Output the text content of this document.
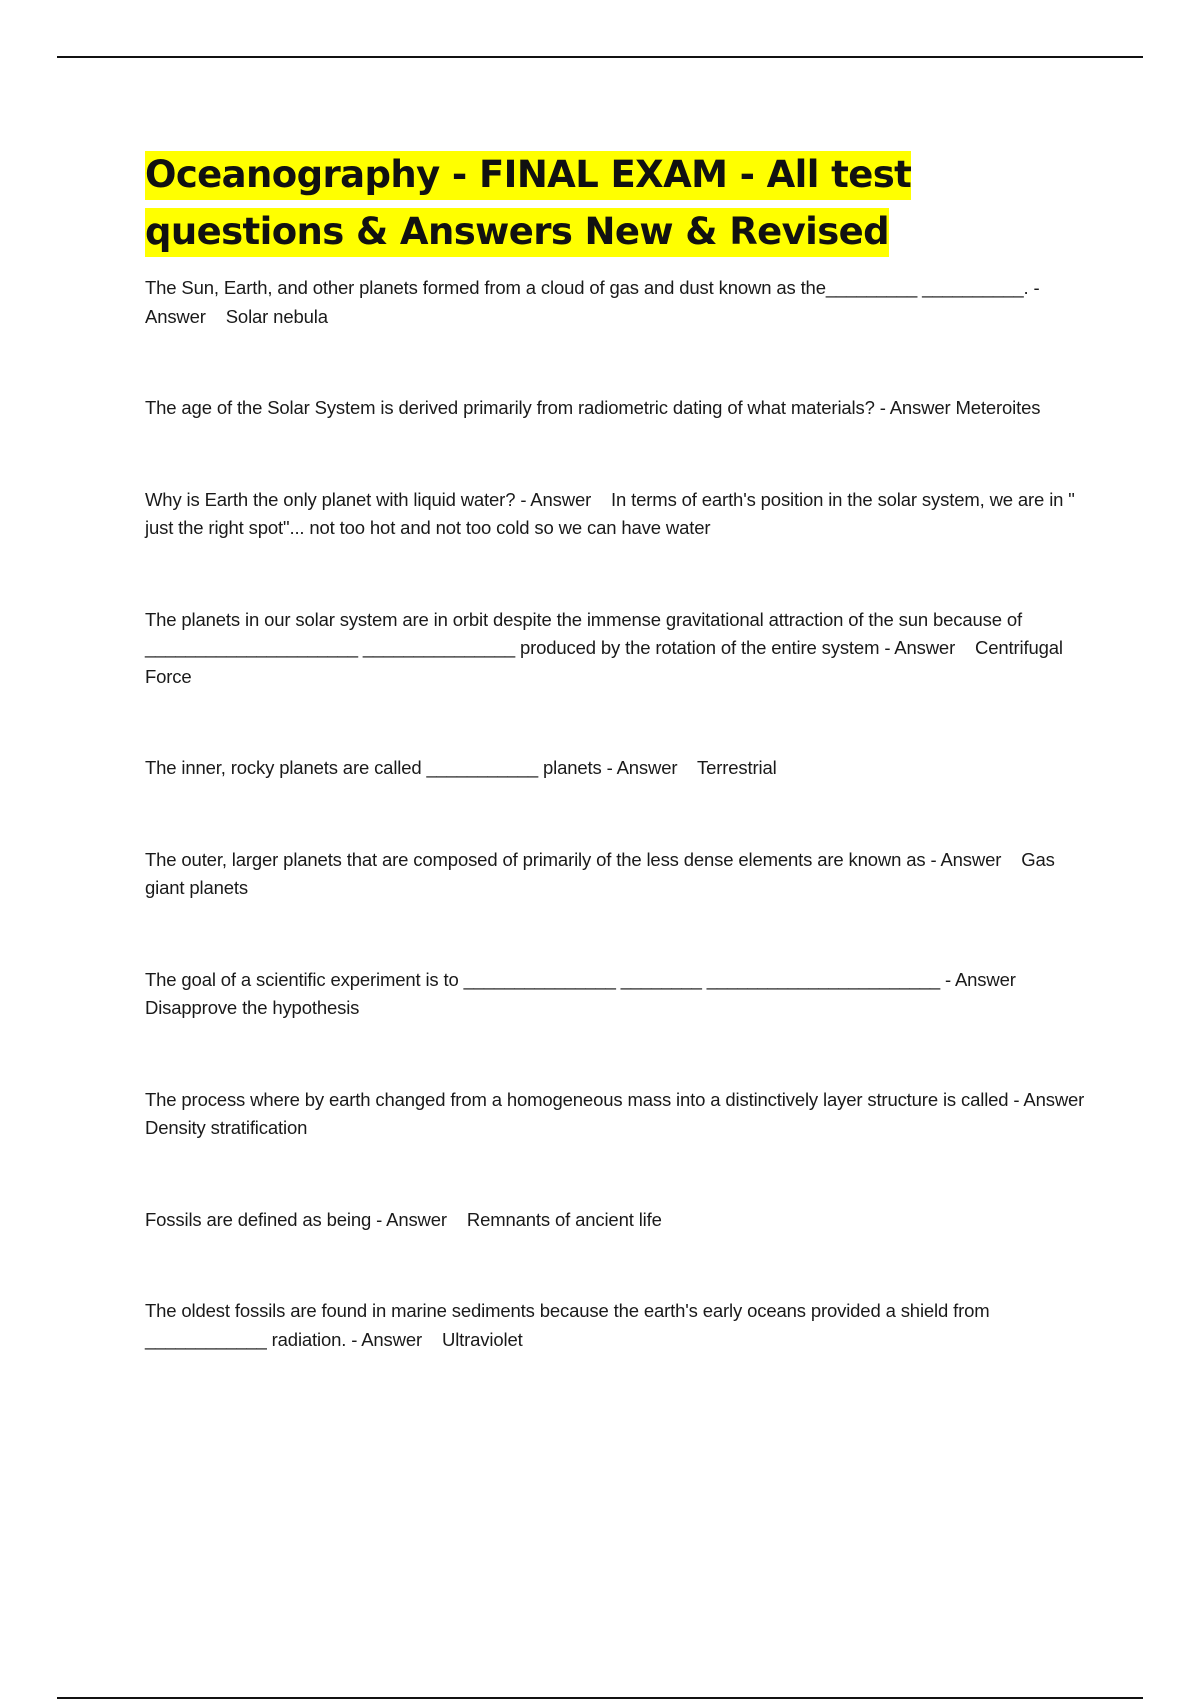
Oceanography - FINAL EXAM - All test questions & Answers New & Revised

The Sun, Earth, and other planets formed from a cloud of gas and dust known as the_________ __________. - Answer    Solar nebula

The age of the Solar System is derived primarily from radiometric dating of what materials? - Answer Meteroites

Why is Earth the only planet with liquid water? - Answer    In terms of earth's position in the solar system, we are in " just the right spot"... not too hot and not too cold so we can have water

The planets in our solar system are in orbit despite the immense gravitational attraction of the sun because of _____________________ _______________ produced by the rotation of the entire system - Answer    Centrifugal Force

The inner, rocky planets are called ___________ planets - Answer    Terrestrial

The outer, larger planets that are composed of primarily of the less dense elements are known as - Answer    Gas giant planets

The goal of a scientific experiment is to _______________ ________ _______________________ - Answer Disapprove the hypothesis

The process where by earth changed from a homogeneous mass into a distinctively layer structure is called - Answer    Density stratification

Fossils are defined as being - Answer    Remnants of ancient life

The oldest fossils are found in marine sediments because the earth's early oceans provided a shield from ____________ radiation. - Answer    Ultraviolet
